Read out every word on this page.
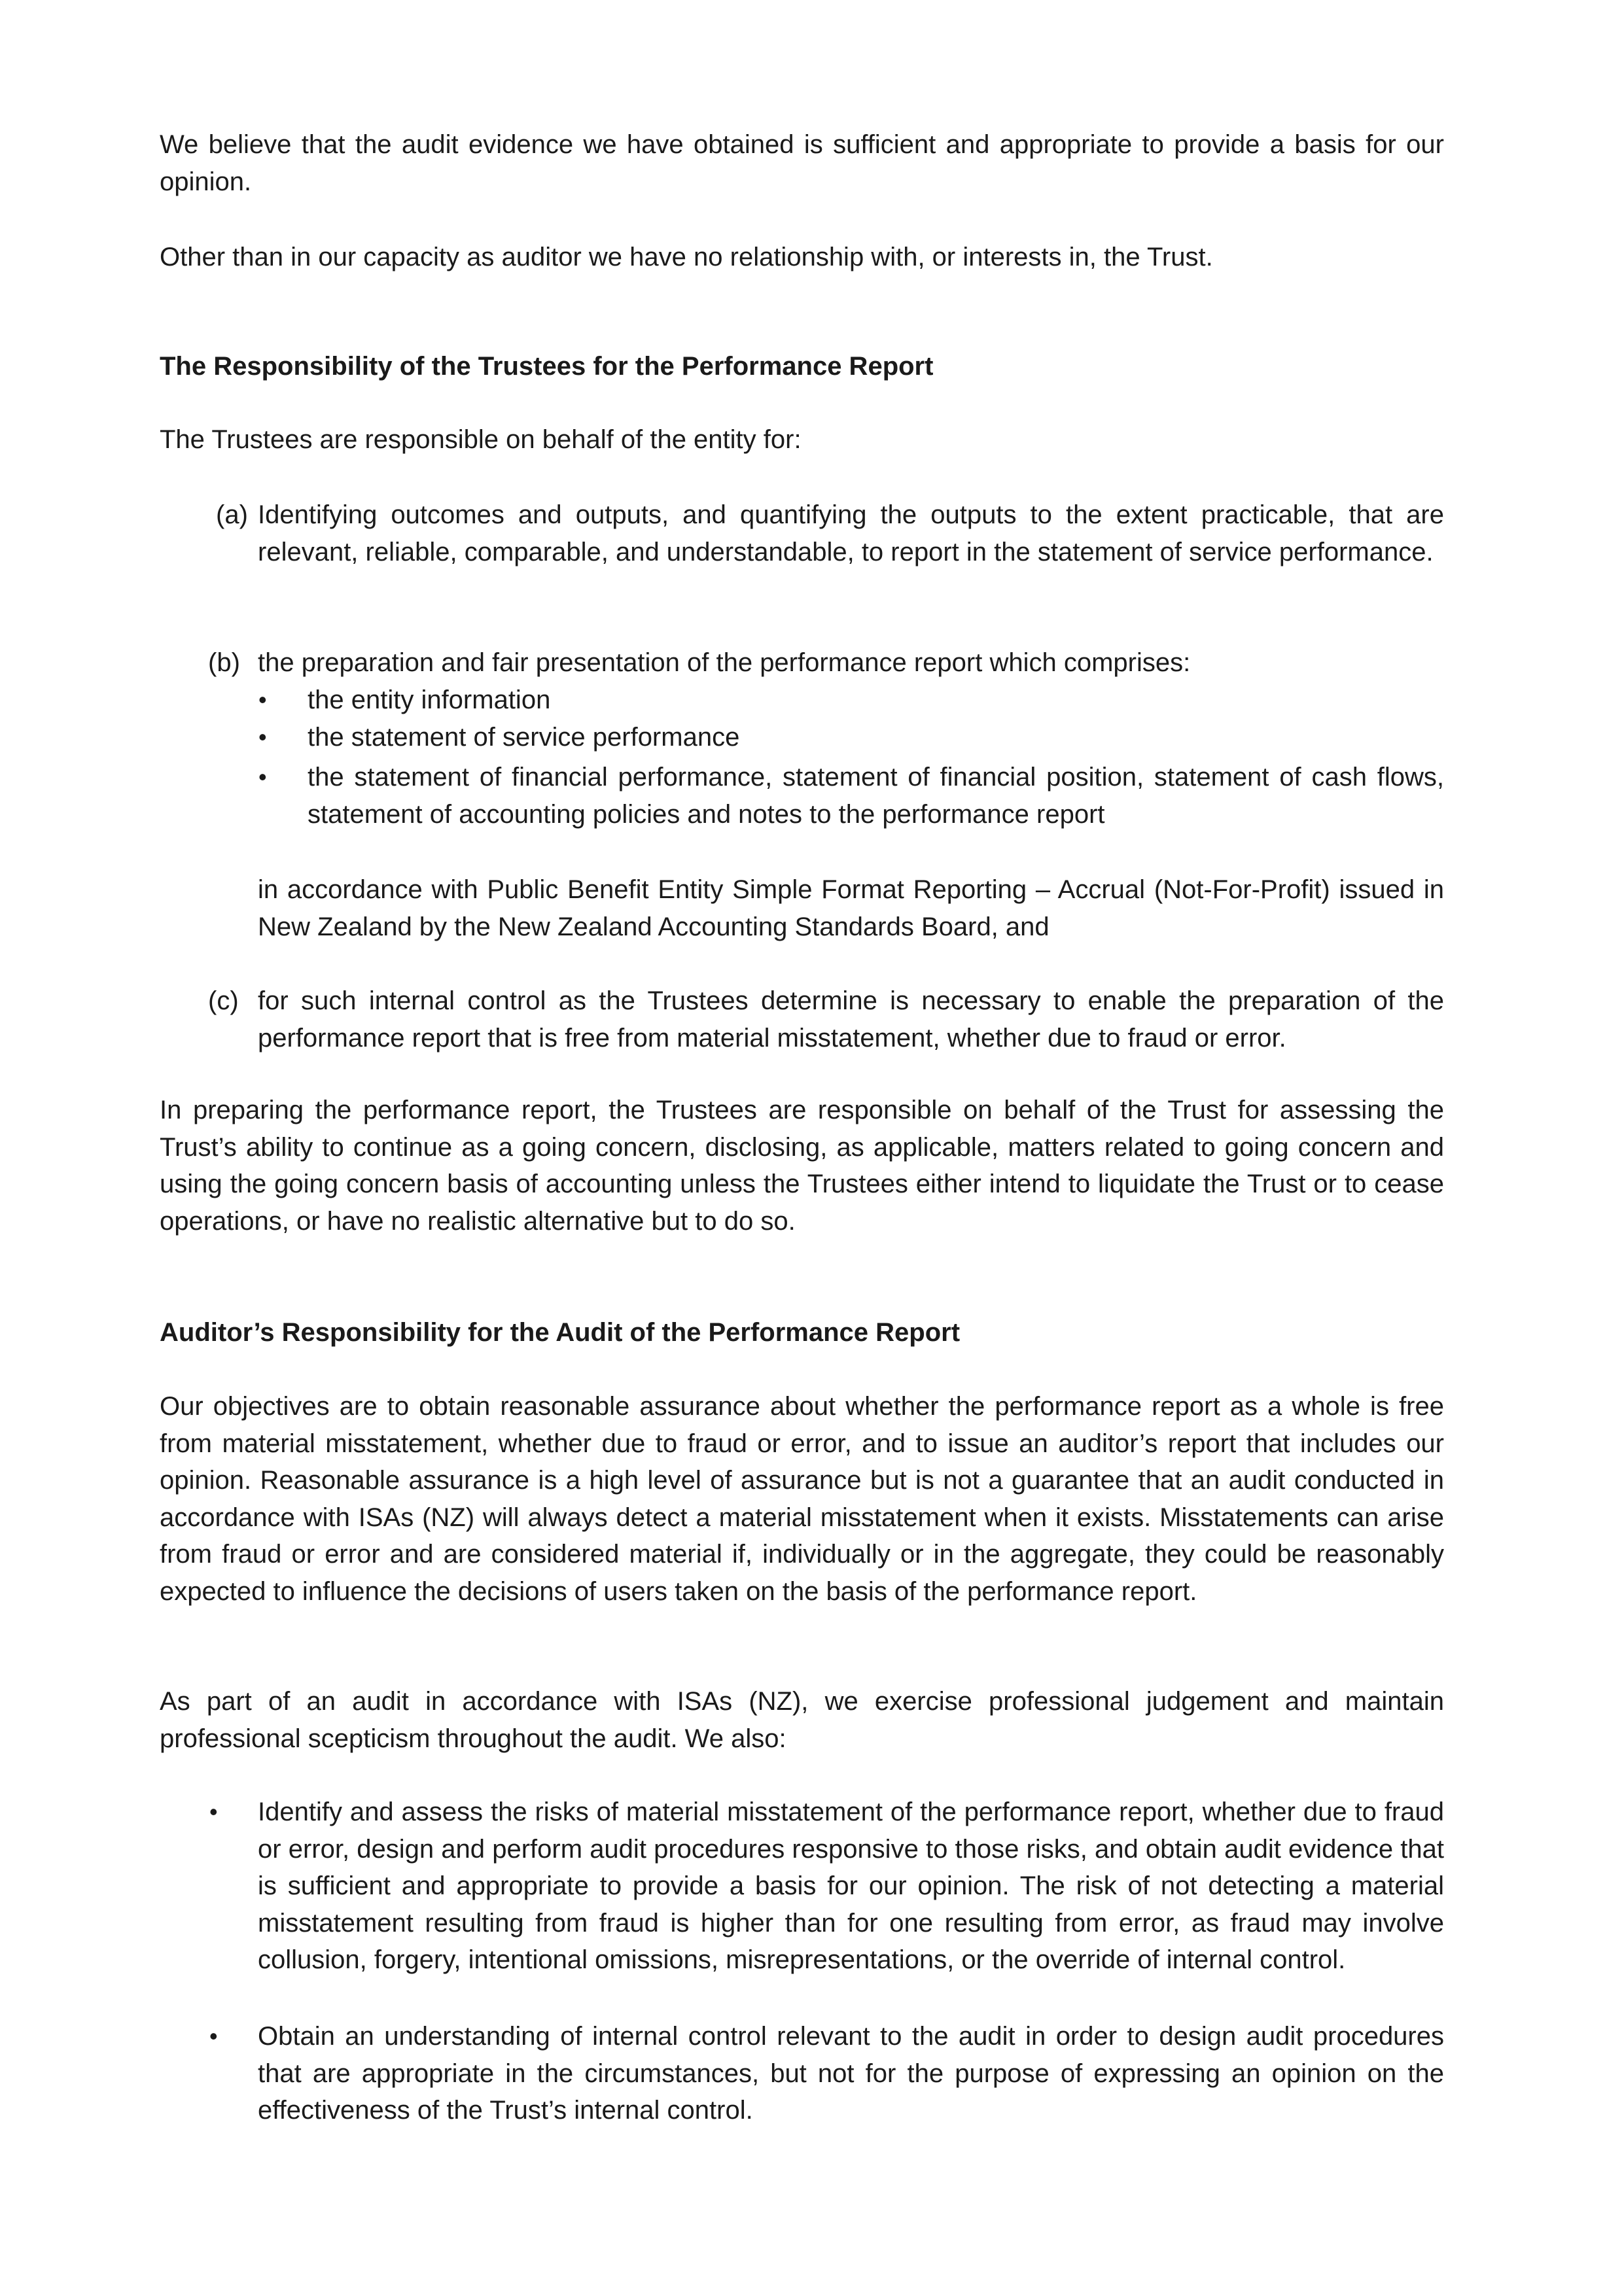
We believe that the audit evidence we have obtained is sufficient and appropriate to provide a basis for our opinion.

Other than in our capacity as auditor we have no relationship with, or interests in, the Trust.

The Responsibility of the Trustees for the Performance Report

The Trustees are responsible on behalf of the entity for:

(a) Identifying outcomes and outputs, and quantifying the outputs to the extent practicable, that are relevant, reliable, comparable, and understandable, to report in the statement of service performance.

(b) the preparation and fair presentation of the performance report which comprises:

• the entity information

• the statement of service performance

• the statement of financial performance, statement of financial position, statement of cash flows, statement of accounting policies and notes to the performance report

in accordance with Public Benefit Entity Simple Format Reporting – Accrual (Not-For-Profit) issued in New Zealand by the New Zealand Accounting Standards Board, and

(c) for such internal control as the Trustees determine is necessary to enable the preparation of the performance report that is free from material misstatement, whether due to fraud or error.

In preparing the performance report, the Trustees are responsible on behalf of the Trust for assessing the Trust’s ability to continue as a going concern, disclosing, as applicable, matters related to going concern and using the going concern basis of accounting unless the Trustees either intend to liquidate the Trust or to cease operations, or have no realistic alternative but to do so.

Auditor’s Responsibility for the Audit of the Performance Report

Our objectives are to obtain reasonable assurance about whether the performance report as a whole is free from material misstatement, whether due to fraud or error, and to issue an auditor’s report that includes our opinion. Reasonable assurance is a high level of assurance but is not a guarantee that an audit conducted in accordance with ISAs (NZ) will always detect a material misstatement when it exists. Misstatements can arise from fraud or error and are considered material if, individually or in the aggregate, they could be reasonably expected to influence the decisions of users taken on the basis of the performance report.

As part of an audit in accordance with ISAs (NZ), we exercise professional judgement and maintain professional scepticism throughout the audit. We also:

• Identify and assess the risks of material misstatement of the performance report, whether due to fraud or error, design and perform audit procedures responsive to those risks, and obtain audit evidence that is sufficient and appropriate to provide a basis for our opinion. The risk of not detecting a material misstatement resulting from fraud is higher than for one resulting from error, as fraud may involve collusion, forgery, intentional omissions, misrepresentations, or the override of internal control.

• Obtain an understanding of internal control relevant to the audit in order to design audit procedures that are appropriate in the circumstances, but not for the purpose of expressing an opinion on the effectiveness of the Trust’s internal control.
